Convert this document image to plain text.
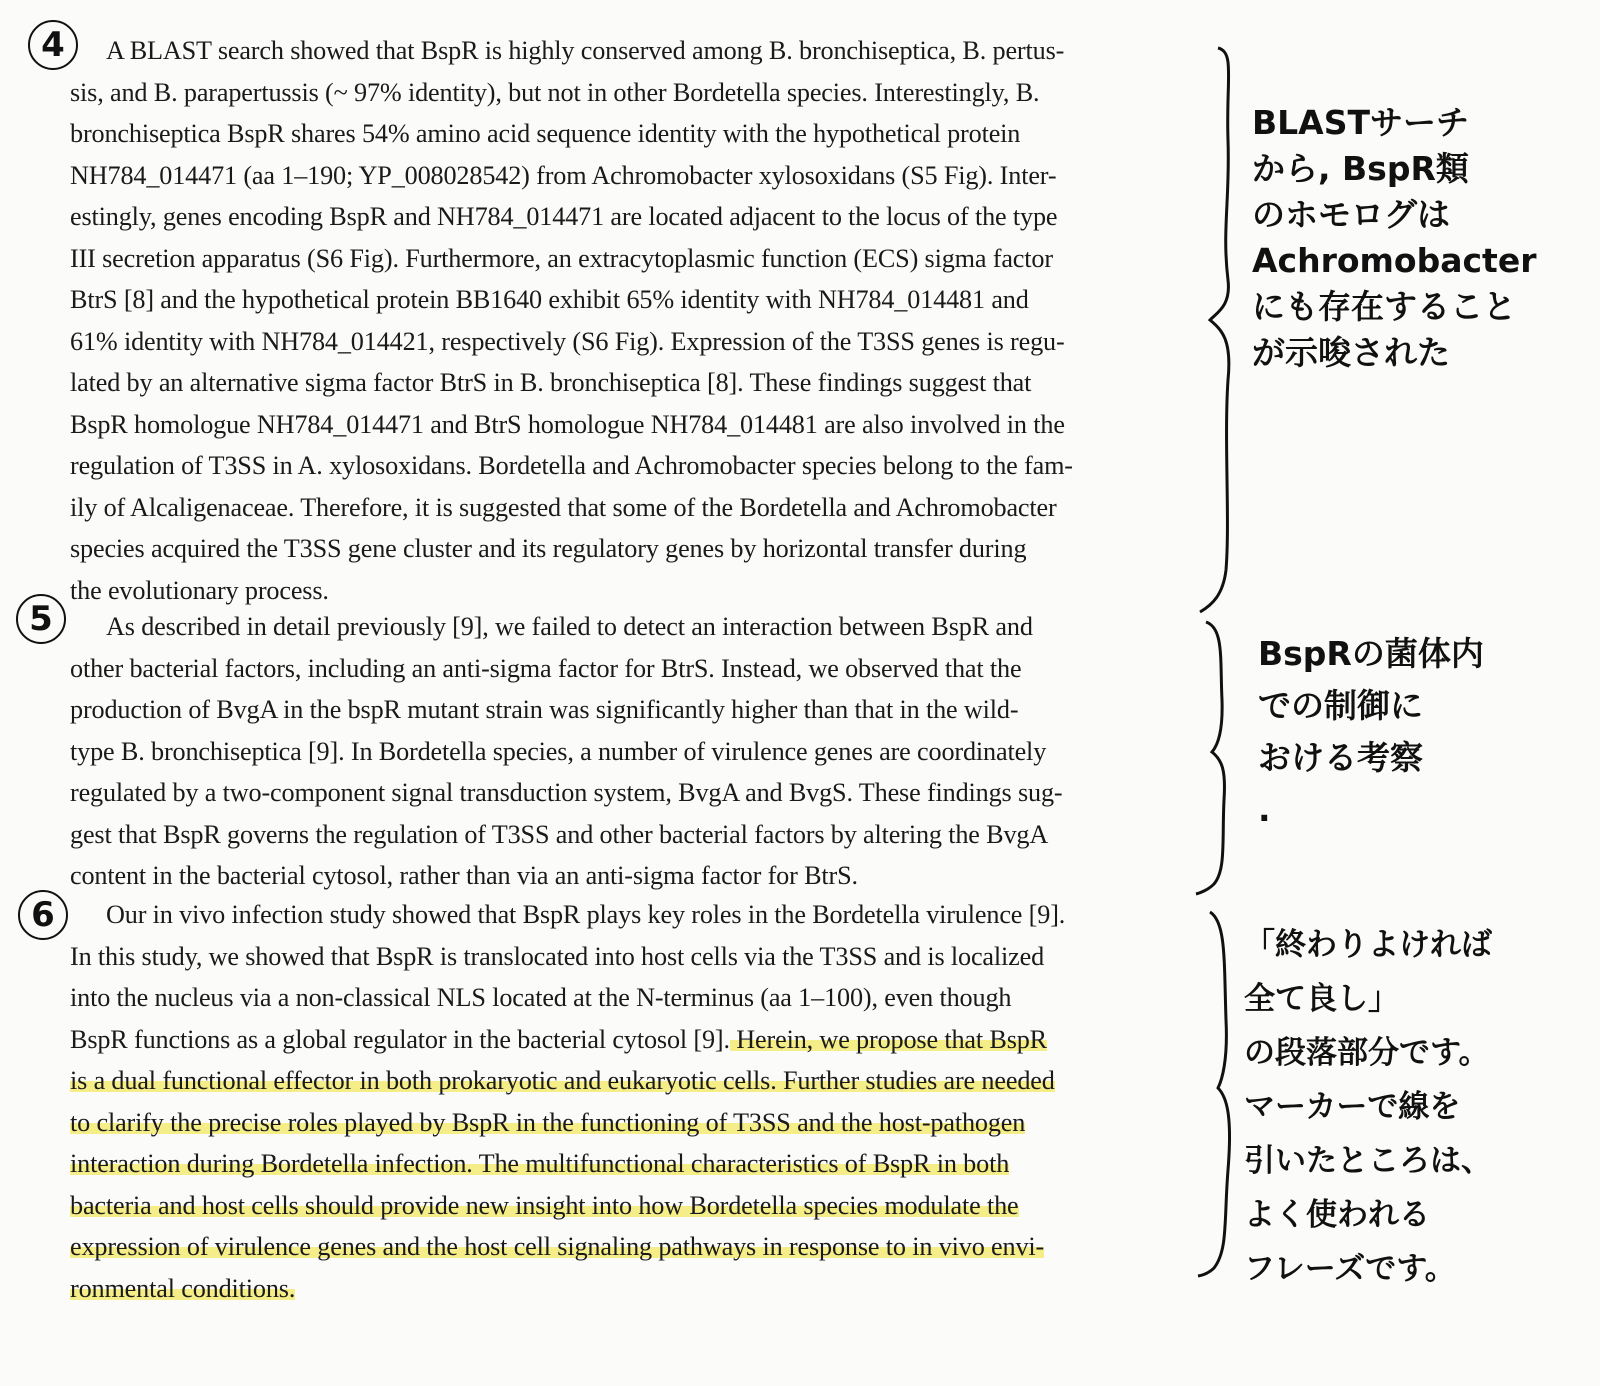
4
5
6
A BLAST search showed that BspR is highly conserved among B. bronchiseptica, B. pertus-
sis, and B. parapertussis (~ 97% identity), but not in other Bordetella species. Interestingly, B.
bronchiseptica BspR shares 54% amino acid sequence identity with the hypothetical protein
NH784_014471 (aa 1–190; YP_008028542) from Achromobacter xylosoxidans (S5 Fig). Inter-
estingly, genes encoding BspR and NH784_014471 are located adjacent to the locus of the type
III secretion apparatus (S6 Fig). Furthermore, an extracytoplasmic function (ECS) sigma factor
BtrS [8] and the hypothetical protein BB1640 exhibit 65% identity with NH784_014481 and
61% identity with NH784_014421, respectively (S6 Fig). Expression of the T3SS genes is regu-
lated by an alternative sigma factor BtrS in B. bronchiseptica [8]. These findings suggest that
BspR homologue NH784_014471 and BtrS homologue NH784_014481 are also involved in the
regulation of T3SS in A. xylosoxidans. Bordetella and Achromobacter species belong to the fam-
ily of Alcaligenaceae. Therefore, it is suggested that some of the Bordetella and Achromobacter
species acquired the T3SS gene cluster and its regulatory genes by horizontal transfer during
the evolutionary process.
As described in detail previously [9], we failed to detect an interaction between BspR and
other bacterial factors, including an anti-sigma factor for BtrS. Instead, we observed that the
production of BvgA in the bspR mutant strain was significantly higher than that in the wild-
type B. bronchiseptica [9]. In Bordetella species, a number of virulence genes are coordinately
regulated by a two-component signal transduction system, BvgA and BvgS. These findings sug-
gest that BspR governs the regulation of T3SS and other bacterial factors by altering the BvgA
content in the bacterial cytosol, rather than via an anti-sigma factor for BtrS.
Our in vivo infection study showed that BspR plays key roles in the Bordetella virulence [9].
In this study, we showed that BspR is translocated into host cells via the T3SS and is localized
into the nucleus via a non-classical NLS located at the N-terminus (aa 1–100), even though
BspR functions as a global regulator in the bacterial cytosol [9]. Herein, we propose that BspR
is a dual functional effector in both prokaryotic and eukaryotic cells. Further studies are needed
to clarify the precise roles played by BspR in the functioning of T3SS and the host-pathogen
interaction during Bordetella infection. The multifunctional characteristics of BspR in both
bacteria and host cells should provide new insight into how Bordetella species modulate the
expression of virulence genes and the host cell signaling pathways in response to in vivo envi-
ronmental conditions.
BLASTサーチ
から, BspR類
のホモログは
Achromobacter
にも存在すること
が示唆された
BspRの菌体内
での制御に
おける考察
.
「終わりよければ
全て良し」
の段落部分です。
マーカーで線を
引いたところは、
よく使われる
フレーズです。
